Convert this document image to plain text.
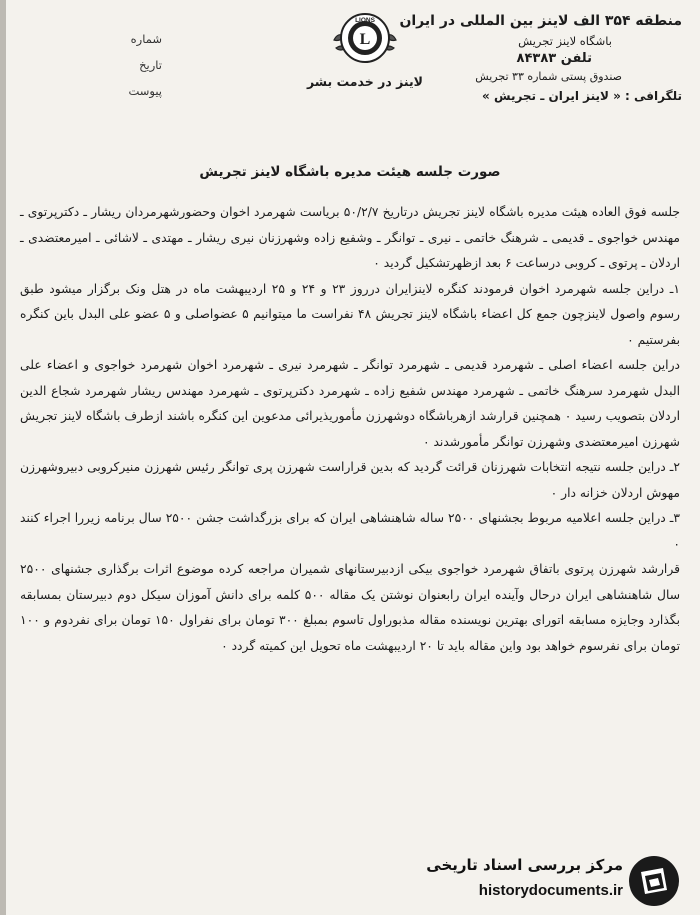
منطقه ۳۵۴ الف لاینز بین المللی در ایران
باشگاه لاینز تجریش
تلفن ۸۴۳۸۳
صندوق پستی شماره ۳۳ تجریش
تلگرافی : « لاینز ایران ـ تجریش »
LIONS
L
لاینز در خدمت بشر
شماره
تاریخ
پیوست
صورت جلسه هیئت مدیره باشگاه لاینز تجریش
جلسه فوق العاده هیئت مدیره باشگاه لاینز تجریش درتاریخ ۵۰/۲/۷ بریاست شهرمرد اخوان وحضورشهرمردان ریشار ـ دکترپرتوی ـ مهندس خواجوی ـ قدیمی ـ شرهنگ خاتمی ـ نیری ـ توانگر ـ وشفیع زاده وشهرزنان نیری ریشار ـ مهتدی ـ لاشائی ـ امیرمعتضدی ـ اردلان ـ پرتوی ـ کروبی درساعت ۶ بعد ازظهرتشکیل گردید ۰
۱ـ دراین جلسه شهرمرد اخوان فرمودند کنگره لاینزایران درروز ۲۳ و ۲۴ و ۲۵ اردیبهشت ماه در هتل ونک برگزار میشود طبق رسوم واصول لاینزچون جمع کل اعضاء باشگاه لاینز تجریش ۴۸ نفراست ما میتوانیم ۵ عضواصلی و ۵ عضو علی البدل باین کنگره بفرستیم ۰
دراین جلسه اعضاء اصلی ـ شهرمرد قدیمی ـ شهرمرد توانگر ـ شهرمرد نیری ـ شهرمرد اخوان شهرمرد خواجوی و اعضاء علی البدل شهرمرد سرهنگ خاتمی ـ شهرمرد مهندس شفیع زاده ـ شهرمرد دکترپرتوی ـ شهرمرد مهندس ریشار شهرمرد شجاع الدین اردلان بتصویب رسید ۰ همچنین قرارشد ازهرباشگاه دوشهرزن مأموریذیرائی مدعوین این کنگره باشند ازطرف باشگاه لاینز تجریش شهرزن امیرمعتضدی وشهرزن توانگر مأمورشدند ۰
۲ـ دراین جلسه نتیجه انتخابات شهرزنان قرائت گردید که بدین قراراست شهرزن پری توانگر رئیس شهرزن منیرکروبی دبیروشهرزن مهوش اردلان خزانه دار ۰
۳ـ دراین جلسه اعلامیه مربوط بجشنهای ۲۵۰۰ ساله شاهنشاهی ایران که برای بزرگداشت جشن ۲۵۰۰ سال برنامه زیررا اجراء کنند ۰
قرارشد شهرزن پرتوی باتفاق شهرمرد خواجوی بیکی ازدبیرستانهای شمیران مراجعه کرده موضوع اثرات برگذاری جشنهای ۲۵۰۰ سال شاهنشاهی ایران درحال وآینده ایران رابعنوان نوشتن یک مقاله ۵۰۰ کلمه برای دانش آموزان سیکل دوم دبیرستان بمسابقه بگذارد وجایزه مسابقه اتورای بهترین نویسنده مقاله مذبوراول تاسوم بمبلغ ۳۰۰ تومان برای نفراول ۱۵۰ تومان برای نفردوم و ۱۰۰ تومان برای نفرسوم خواهد بود واین مقاله باید تا ۲۰ اردیبهشت ماه تحویل این کمیته گردد ۰
مرکز بررسی اسناد تاریخی
historydocuments.ir
